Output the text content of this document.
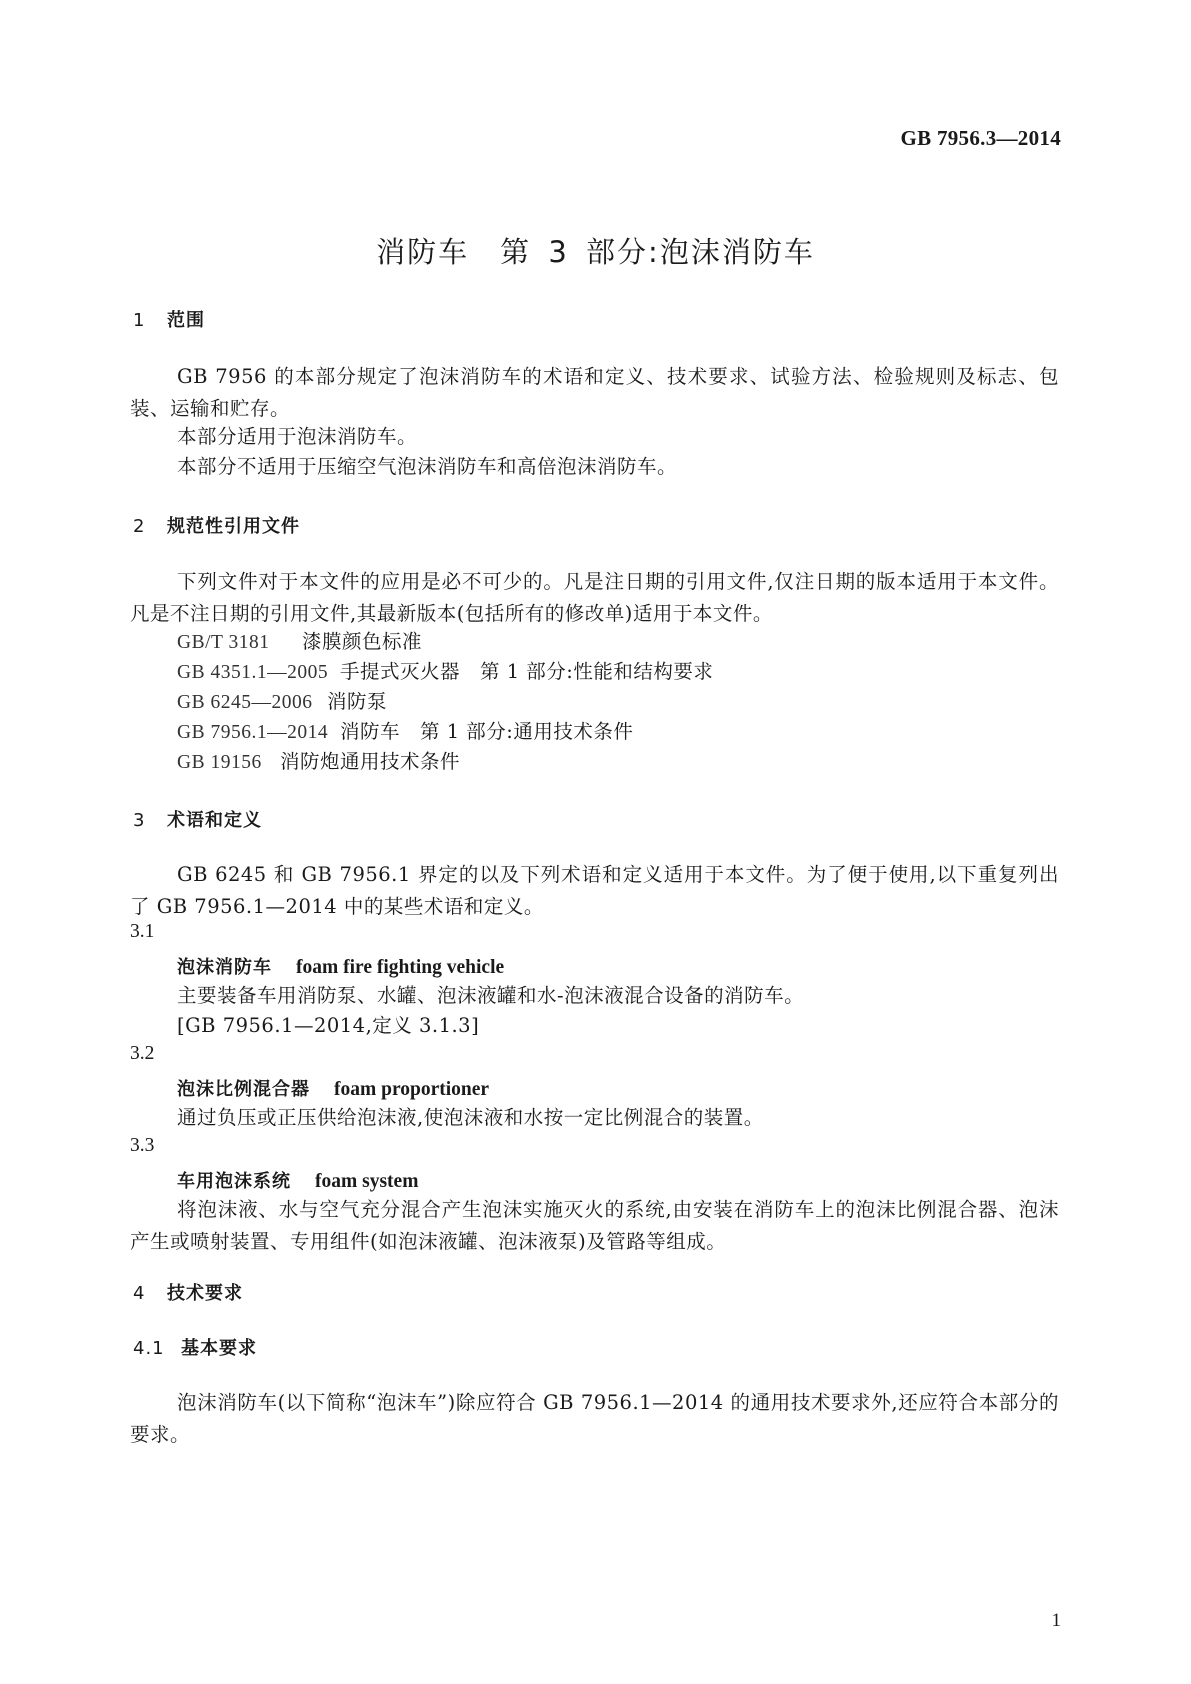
GB 7956.3—2014
消防车　第 3 部分:泡沫消防车
1 范围
GB 7956 的本部分规定了泡沫消防车的术语和定义、技术要求、试验方法、检验规则及标志、包装、运输和贮存。
本部分适用于泡沫消防车。
本部分不适用于压缩空气泡沫消防车和高倍泡沫消防车。
2 规范性引用文件
下列文件对于本文件的应用是必不可少的。凡是注日期的引用文件,仅注日期的版本适用于本文件。凡是不注日期的引用文件,其最新版本(包括所有的修改单)适用于本文件。
GB/T 3181 漆膜颜色标准
GB 4351.1—2005 手提式灭火器　第 1 部分:性能和结构要求
GB 6245—2006 消防泵
GB 7956.1—2014 消防车　第 1 部分:通用技术条件
GB 19156 消防炮通用技术条件
3 术语和定义
GB 6245 和 GB 7956.1 界定的以及下列术语和定义适用于本文件。为了便于使用,以下重复列出了 GB 7956.1—2014 中的某些术语和定义。
3.1
泡沫消防车 foam fire fighting vehicle
主要装备车用消防泵、水罐、泡沫液罐和水-泡沫液混合设备的消防车。
[GB 7956.1—2014,定义 3.1.3]
3.2
泡沫比例混合器 foam proportioner
通过负压或正压供给泡沫液,使泡沫液和水按一定比例混合的装置。
3.3
车用泡沫系统 foam system
将泡沫液、水与空气充分混合产生泡沫实施灭火的系统,由安装在消防车上的泡沫比例混合器、泡沫产生或喷射装置、专用组件(如泡沫液罐、泡沫液泵)及管路等组成。
4 技术要求
4.1 基本要求
泡沫消防车(以下简称“泡沫车”)除应符合 GB 7956.1—2014 的通用技术要求外,还应符合本部分的要求。
1
